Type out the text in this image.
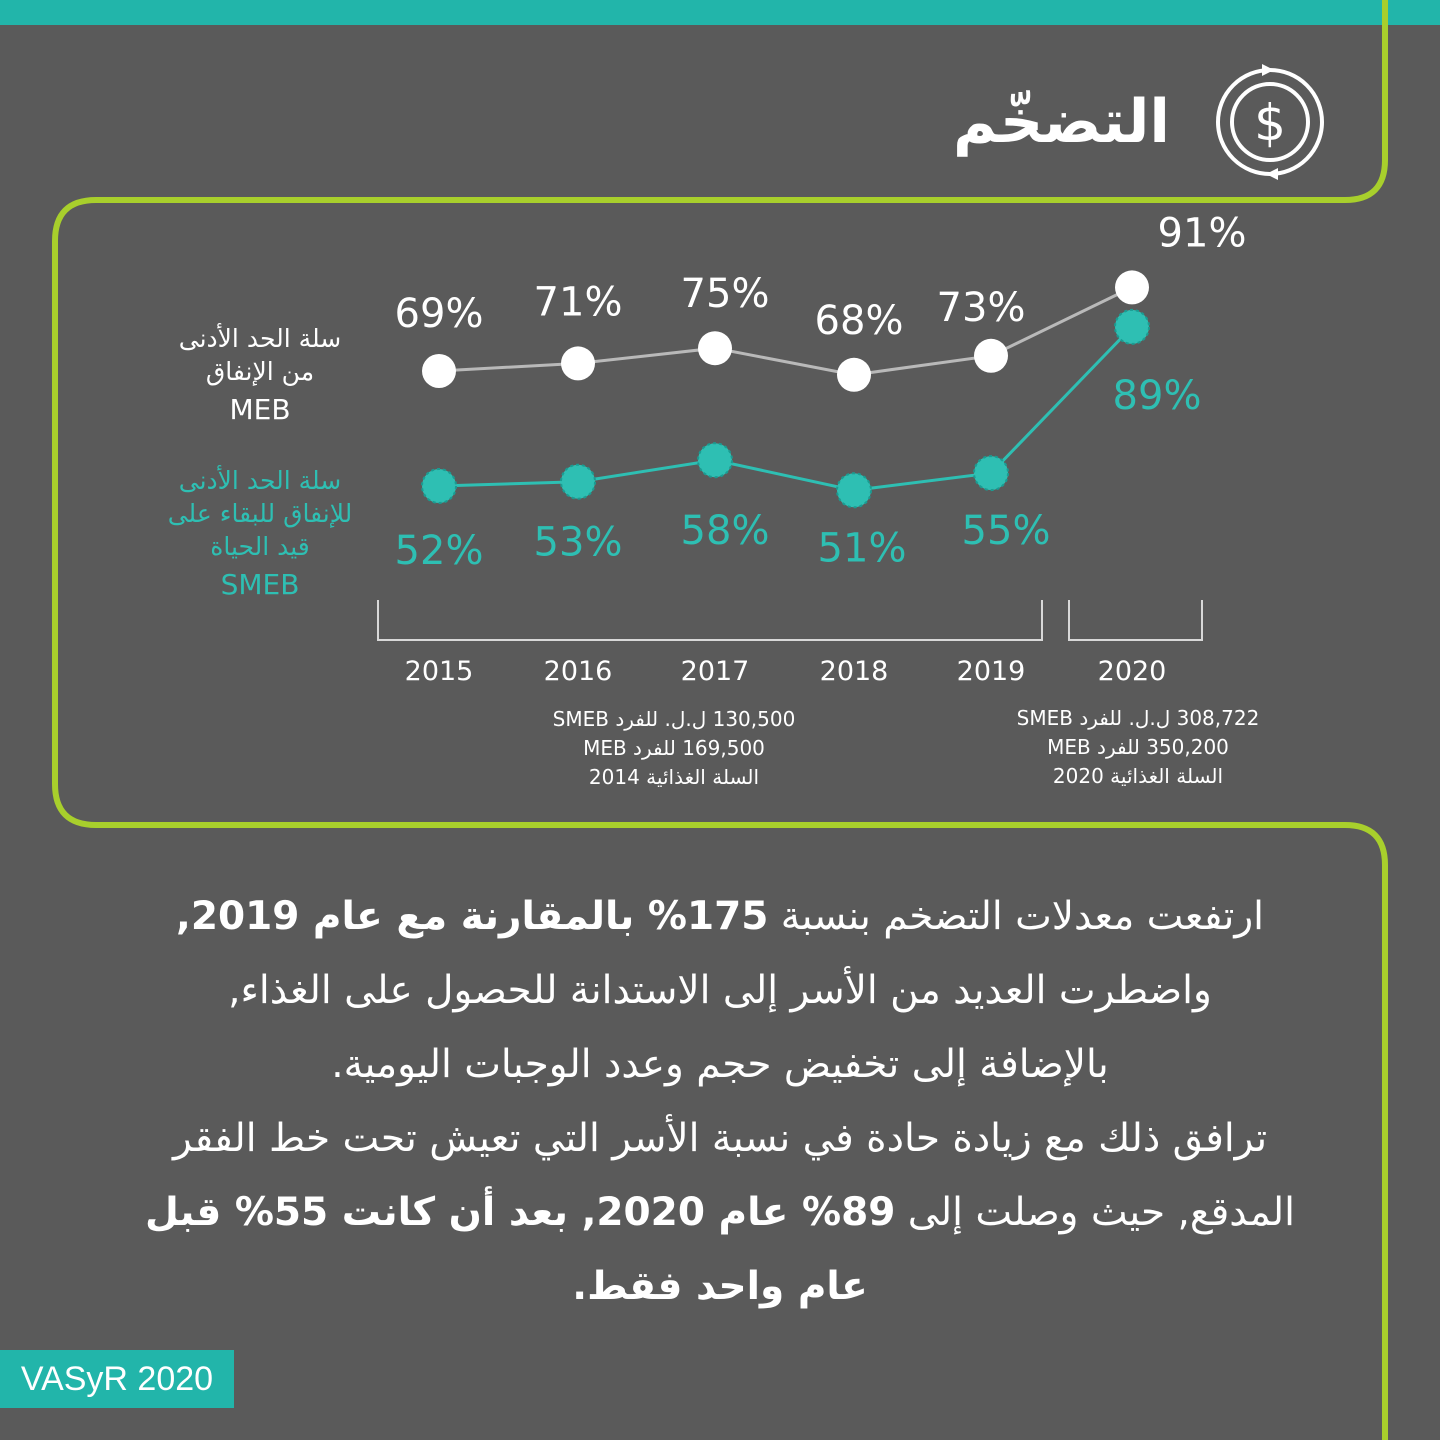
التضخّم $
سلة الحد الأدنى
من الإنفاق
MEB
سلة الحد الأدنى
للإنفاق للبقاء على
قيد الحياة
SMEB
69% 71% 75%
68% 73%
91%
52% 53% 58% 51% 55%
89%
2015	2016	2017	2018	2019	2020
130,500 ل.ل. للفرد SMEB
169,500 للفرد MEB
السلة الغذائية 2014
308,722 ل.ل. للفرد SMEB
350,200 للفرد MEB
السلة الغذائية 2020
ارتفعت معدلات التضخم بنسبة 175% بالمقارنة مع عام 2019,
واضطرت العديد من الأسر إلى الاستدانة للحصول على الغذاء,
بالإضافة إلى تخفيض حجم وعدد الوجبات اليومية.
ترافق ذلك مع زيادة حادة في نسبة الأسر التي تعيش تحت خط الفقر
المدقع, حيث وصلت إلى 89% عام 2020, بعد أن كانت 55% قبل
عام واحد فقط.
VASyR 2020
